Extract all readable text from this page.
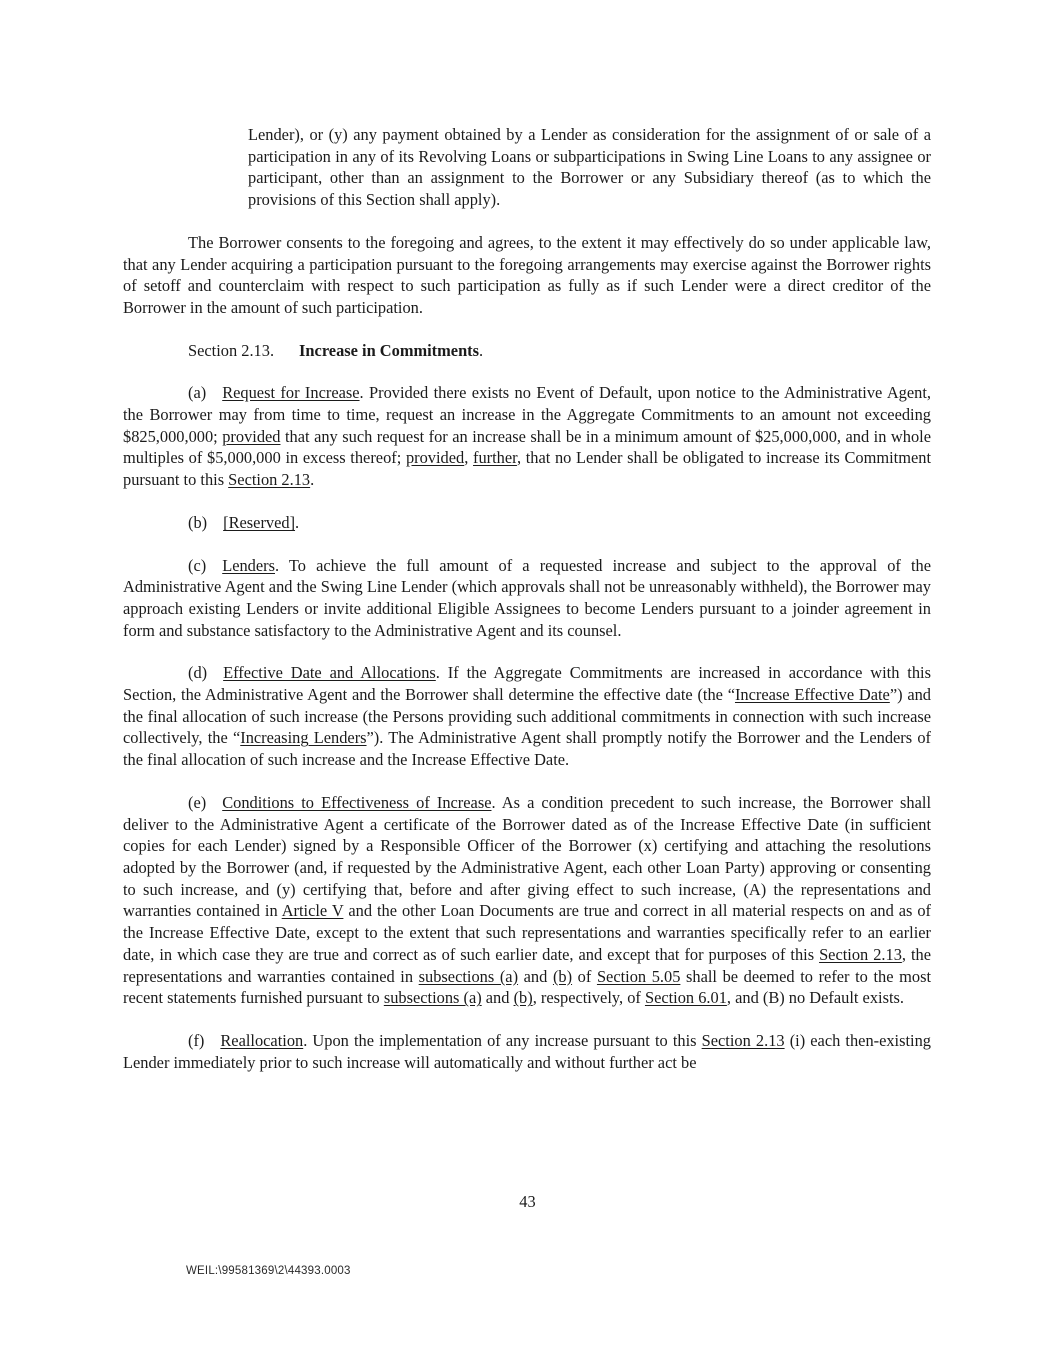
Lender), or (y) any payment obtained by a Lender as consideration for the assignment of or sale of a participation in any of its Revolving Loans or subparticipations in Swing Line Loans to any assignee or participant, other than an assignment to the Borrower or any Subsidiary thereof (as to which the provisions of this Section shall apply).

The Borrower consents to the foregoing and agrees, to the extent it may effectively do so under applicable law, that any Lender acquiring a participation pursuant to the foregoing arrangements may exercise against the Borrower rights of setoff and counterclaim with respect to such participation as fully as if such Lender were a direct creditor of the Borrower in the amount of such participation.

Section 2.13. Increase in Commitments.

(a) Request for Increase. Provided there exists no Event of Default, upon notice to the Administrative Agent, the Borrower may from time to time, request an increase in the Aggregate Commitments to an amount not exceeding $825,000,000; provided that any such request for an increase shall be in a minimum amount of $25,000,000, and in whole multiples of $5,000,000 in excess thereof; provided, further, that no Lender shall be obligated to increase its Commitment pursuant to this Section 2.13.

(b) [Reserved].

(c) Lenders. To achieve the full amount of a requested increase and subject to the approval of the Administrative Agent and the Swing Line Lender (which approvals shall not be unreasonably withheld), the Borrower may approach existing Lenders or invite additional Eligible Assignees to become Lenders pursuant to a joinder agreement in form and substance satisfactory to the Administrative Agent and its counsel.

(d) Effective Date and Allocations. If the Aggregate Commitments are increased in accordance with this Section, the Administrative Agent and the Borrower shall determine the effective date (the “Increase Effective Date”) and the final allocation of such increase (the Persons providing such additional commitments in connection with such increase collectively, the “Increasing Lenders”). The Administrative Agent shall promptly notify the Borrower and the Lenders of the final allocation of such increase and the Increase Effective Date.

(e) Conditions to Effectiveness of Increase. As a condition precedent to such increase, the Borrower shall deliver to the Administrative Agent a certificate of the Borrower dated as of the Increase Effective Date (in sufficient copies for each Lender) signed by a Responsible Officer of the Borrower (x) certifying and attaching the resolutions adopted by the Borrower (and, if requested by the Administrative Agent, each other Loan Party) approving or consenting to such increase, and (y) certifying that, before and after giving effect to such increase, (A) the representations and warranties contained in Article V and the other Loan Documents are true and correct in all material respects on and as of the Increase Effective Date, except to the extent that such representations and warranties specifically refer to an earlier date, in which case they are true and correct as of such earlier date, and except that for purposes of this Section 2.13, the representations and warranties contained in subsections (a) and (b) of Section 5.05 shall be deemed to refer to the most recent statements furnished pursuant to subsections (a) and (b), respectively, of Section 6.01, and (B) no Default exists.

(f) Reallocation. Upon the implementation of any increase pursuant to this Section 2.13 (i) each then-existing Lender immediately prior to such increase will automatically and without further act be

43
WEIL:\99581369\2\44393.0003
